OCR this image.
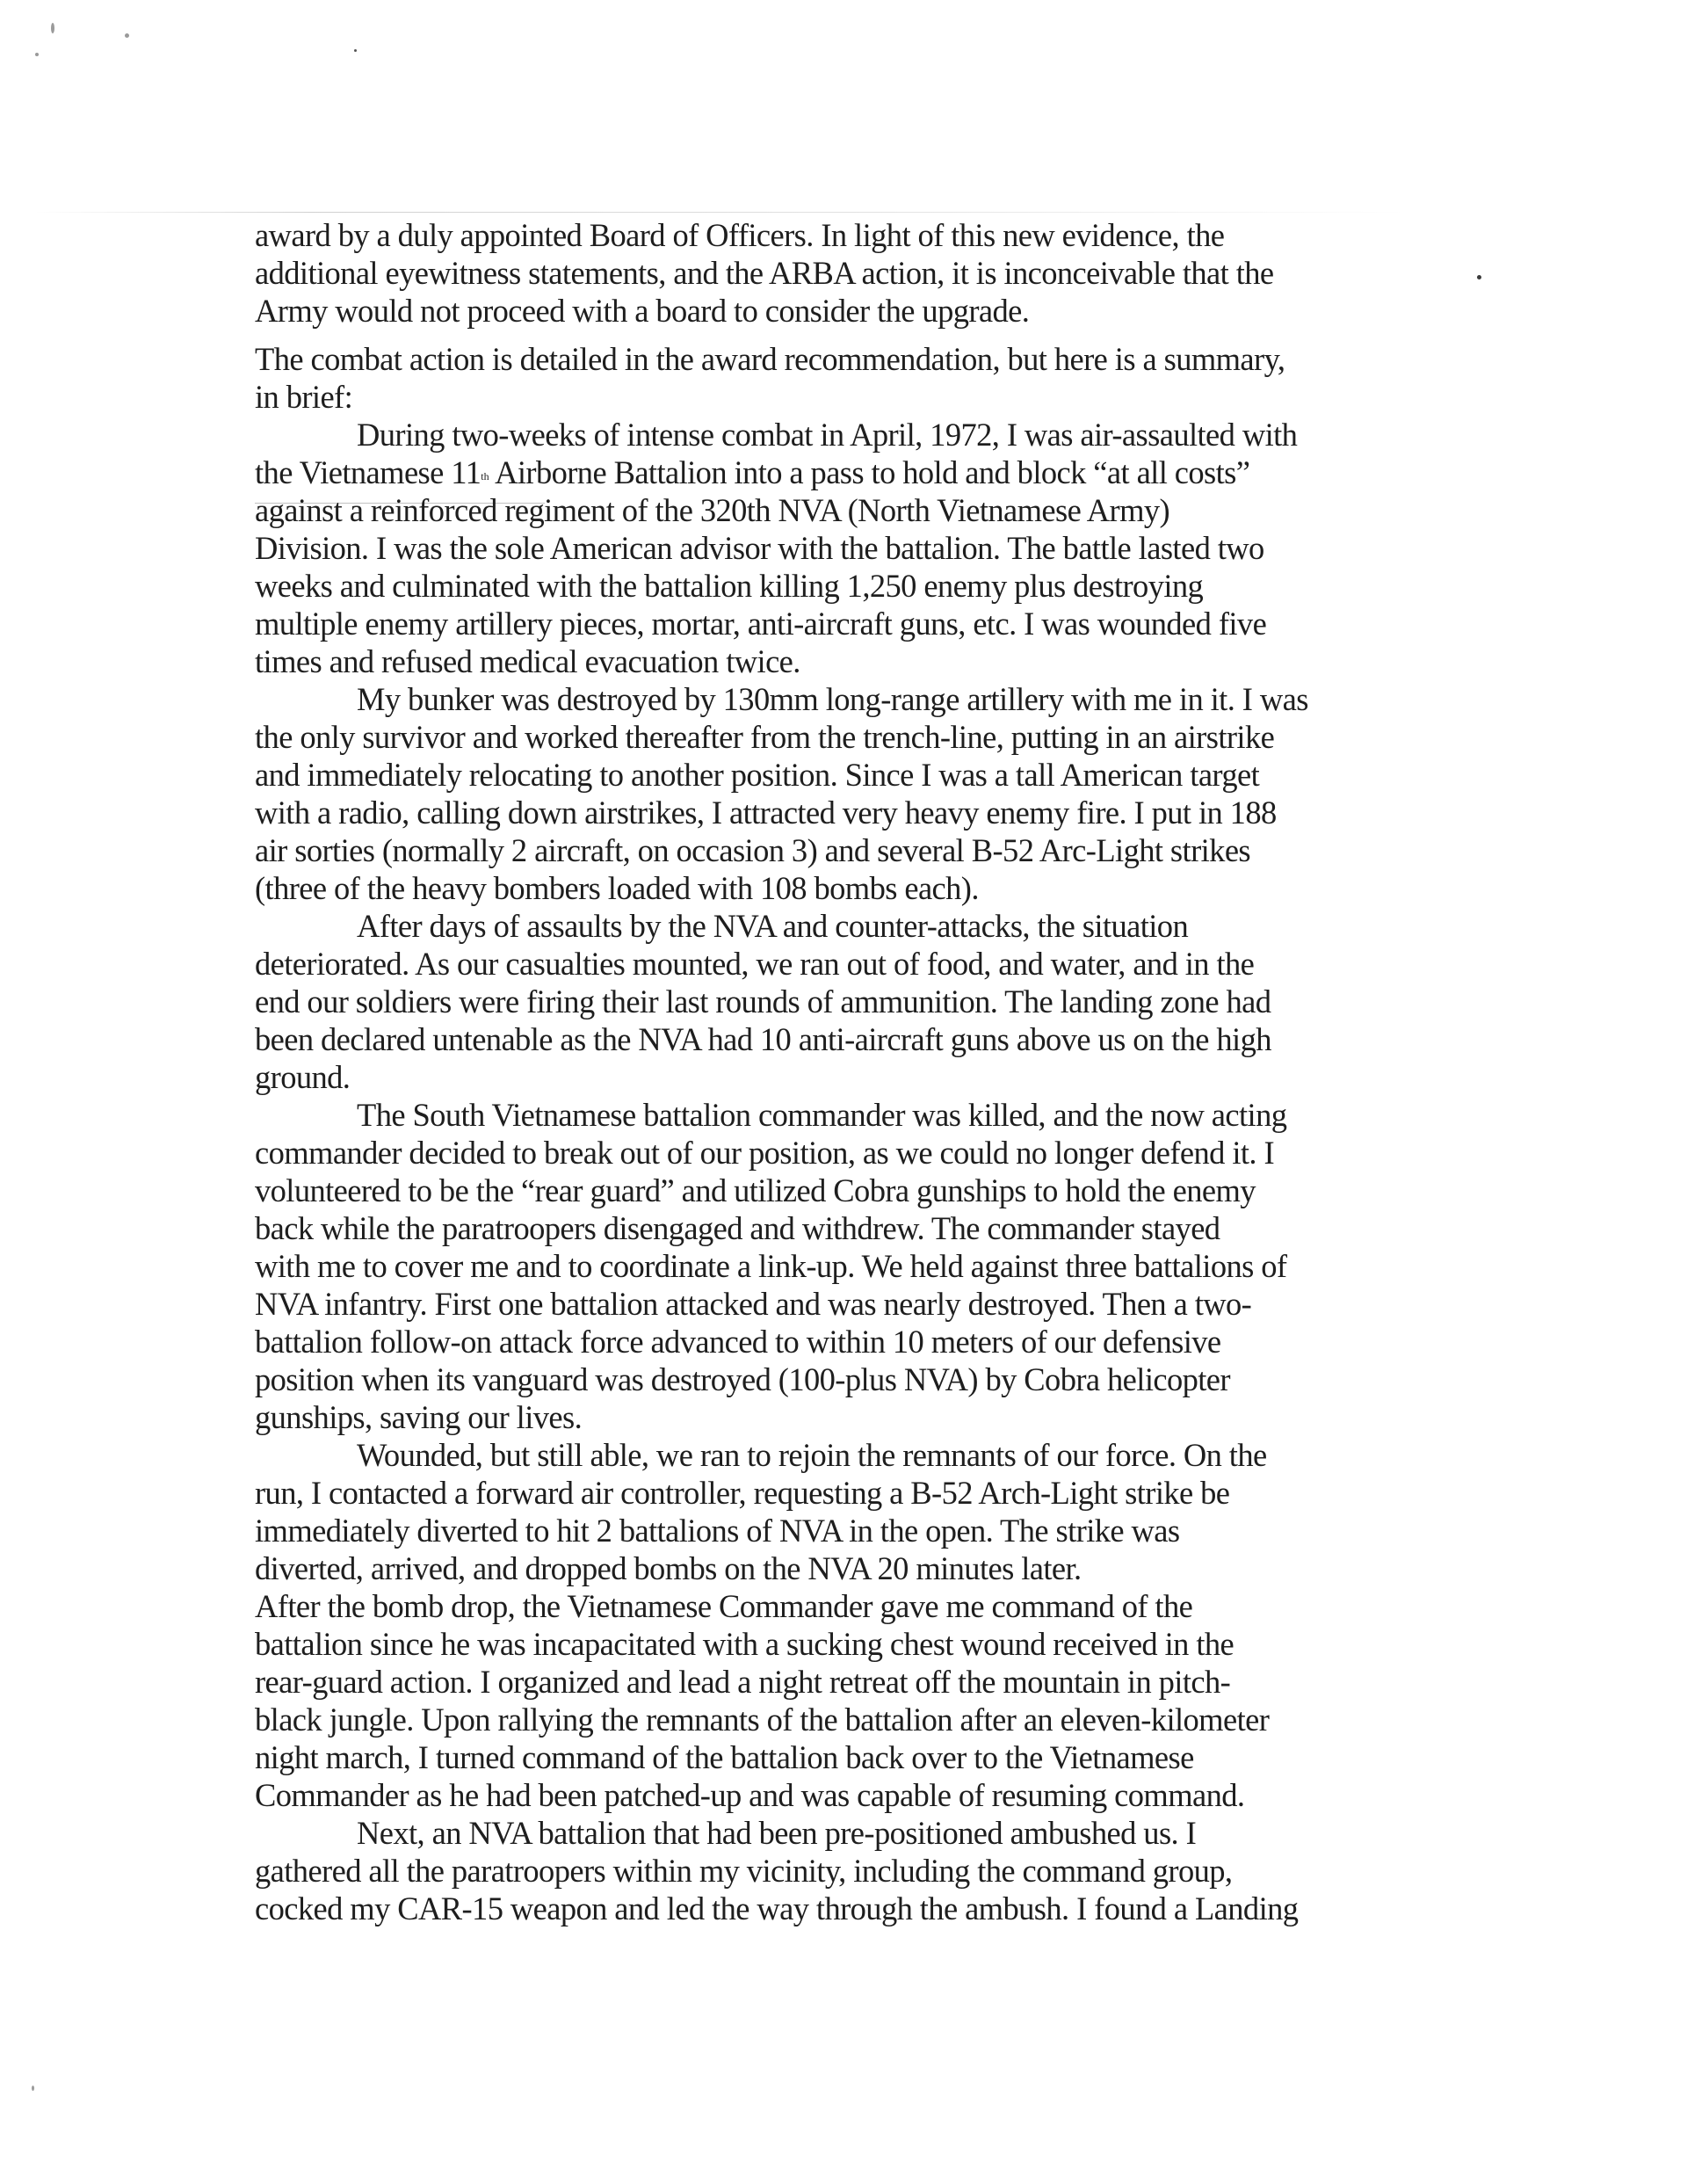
award by a duly appointed Board of Officers. In light of this new evidence, the
additional eyewitness statements, and the ARBA action, it is inconceivable that the
Army would not proceed with a board to consider the upgrade.
The combat action is detailed in the award recommendation, but here is a summary,
in brief:
During two-weeks of intense combat in April, 1972, I was air-assaulted with
the Vietnamese 11th Airborne Battalion into a pass to hold and block “at all costs”
against a reinforced regiment of the 320th NVA (North Vietnamese Army)
Division. I was the sole American advisor with the battalion. The battle lasted two
weeks and culminated with the battalion killing 1,250 enemy plus destroying
multiple enemy artillery pieces, mortar, anti-aircraft guns, etc. I was wounded five
times and refused medical evacuation twice.
My bunker was destroyed by 130mm long-range artillery with me in it. I was
the only survivor and worked thereafter from the trench-line, putting in an airstrike
and immediately relocating to another position. Since I was a tall American target
with a radio, calling down airstrikes, I attracted very heavy enemy fire. I put in 188
air sorties (normally 2 aircraft, on occasion 3) and several B-52 Arc-Light strikes
(three of the heavy bombers loaded with 108 bombs each).
After days of assaults by the NVA and counter-attacks, the situation
deteriorated. As our casualties mounted, we ran out of food, and water, and in the
end our soldiers were firing their last rounds of ammunition. The landing zone had
been declared untenable as the NVA had 10 anti-aircraft guns above us on the high
ground.
The South Vietnamese battalion commander was killed, and the now acting
commander decided to break out of our position, as we could no longer defend it. I
volunteered to be the “rear guard” and utilized Cobra gunships to hold the enemy
back while the paratroopers disengaged and withdrew. The commander stayed
with me to cover me and to coordinate a link-up. We held against three battalions of
NVA infantry. First one battalion attacked and was nearly destroyed. Then a two-
battalion follow-on attack force advanced to within 10 meters of our defensive
position when its vanguard was destroyed (100-plus NVA) by Cobra helicopter
gunships, saving our lives.
Wounded, but still able, we ran to rejoin the remnants of our force. On the
run, I contacted a forward air controller, requesting a B-52 Arch-Light strike be
immediately diverted to hit 2 battalions of NVA in the open. The strike was
diverted, arrived, and dropped bombs on the NVA 20 minutes later.
After the bomb drop, the Vietnamese Commander gave me command of the
battalion since he was incapacitated with a sucking chest wound received in the
rear-guard action. I organized and lead a night retreat off the mountain in pitch-
black jungle. Upon rallying the remnants of the battalion after an eleven-kilometer
night march, I turned command of the battalion back over to the Vietnamese
Commander as he had been patched-up and was capable of resuming command.
Next, an NVA battalion that had been pre-positioned ambushed us. I
gathered all the paratroopers within my vicinity, including the command group,
cocked my CAR-15 weapon and led the way through the ambush. I found a Landing
